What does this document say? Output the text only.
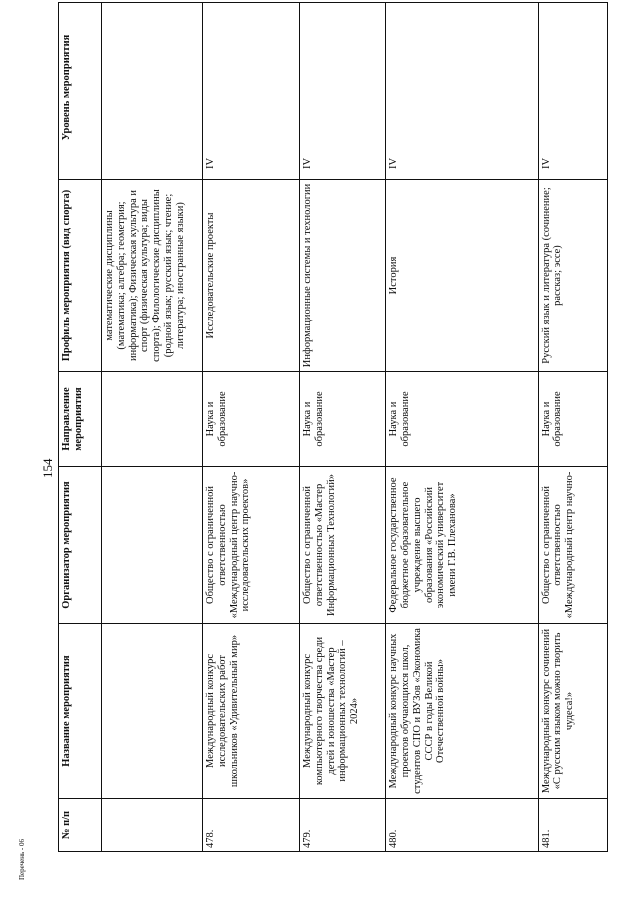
154
№ п/п	Название мероприятия	Организатор мероприятия	Направление мероприятия	Профиль мероприятия (вид спорта)	Уровень мероприятия
				математические дисциплины (математика; алгебра; геометрия; информатика); Физическая культура и спорт (физическая культура; виды спорта); Филологические дисциплины (родной язык; русский язык; чтение; литература; иностранные языки)	
478.	Международный конкурс исследовательских работ школьников «Удивительный мир»	Общество с ограниченной ответственностью «Международный центр научно-исследовательских проектов»	Наука и образование	Исследовательские проекты	IV
479.	Международный конкурс компьютерного творчества среди детей и юношества «Мастер информационных технологий – 2024»	Общество с ограниченной ответственностью «Мастер Информационных Технологий»	Наука и образование	Информационные системы и технологии	IV
480.	Международный конкурс научных проектов обучающихся школ, студентов СПО и ВУЗов «Экономика СССР в годы Великой Отечественной войны»	Федеральное государственное бюджетное образовательное учреждение высшего образования «Российский экономический университет имени Г.В. Плеханова»	Наука и образование	История	IV
481.	Международный конкурс сочинений «С русским языком можно творить чудеса!»	Общество с ограниченной ответственностью «Международный центр научно-	Наука и образование	Русский язык и литература (сочинение; рассказ; эссе)	IV
Перечень - 06
